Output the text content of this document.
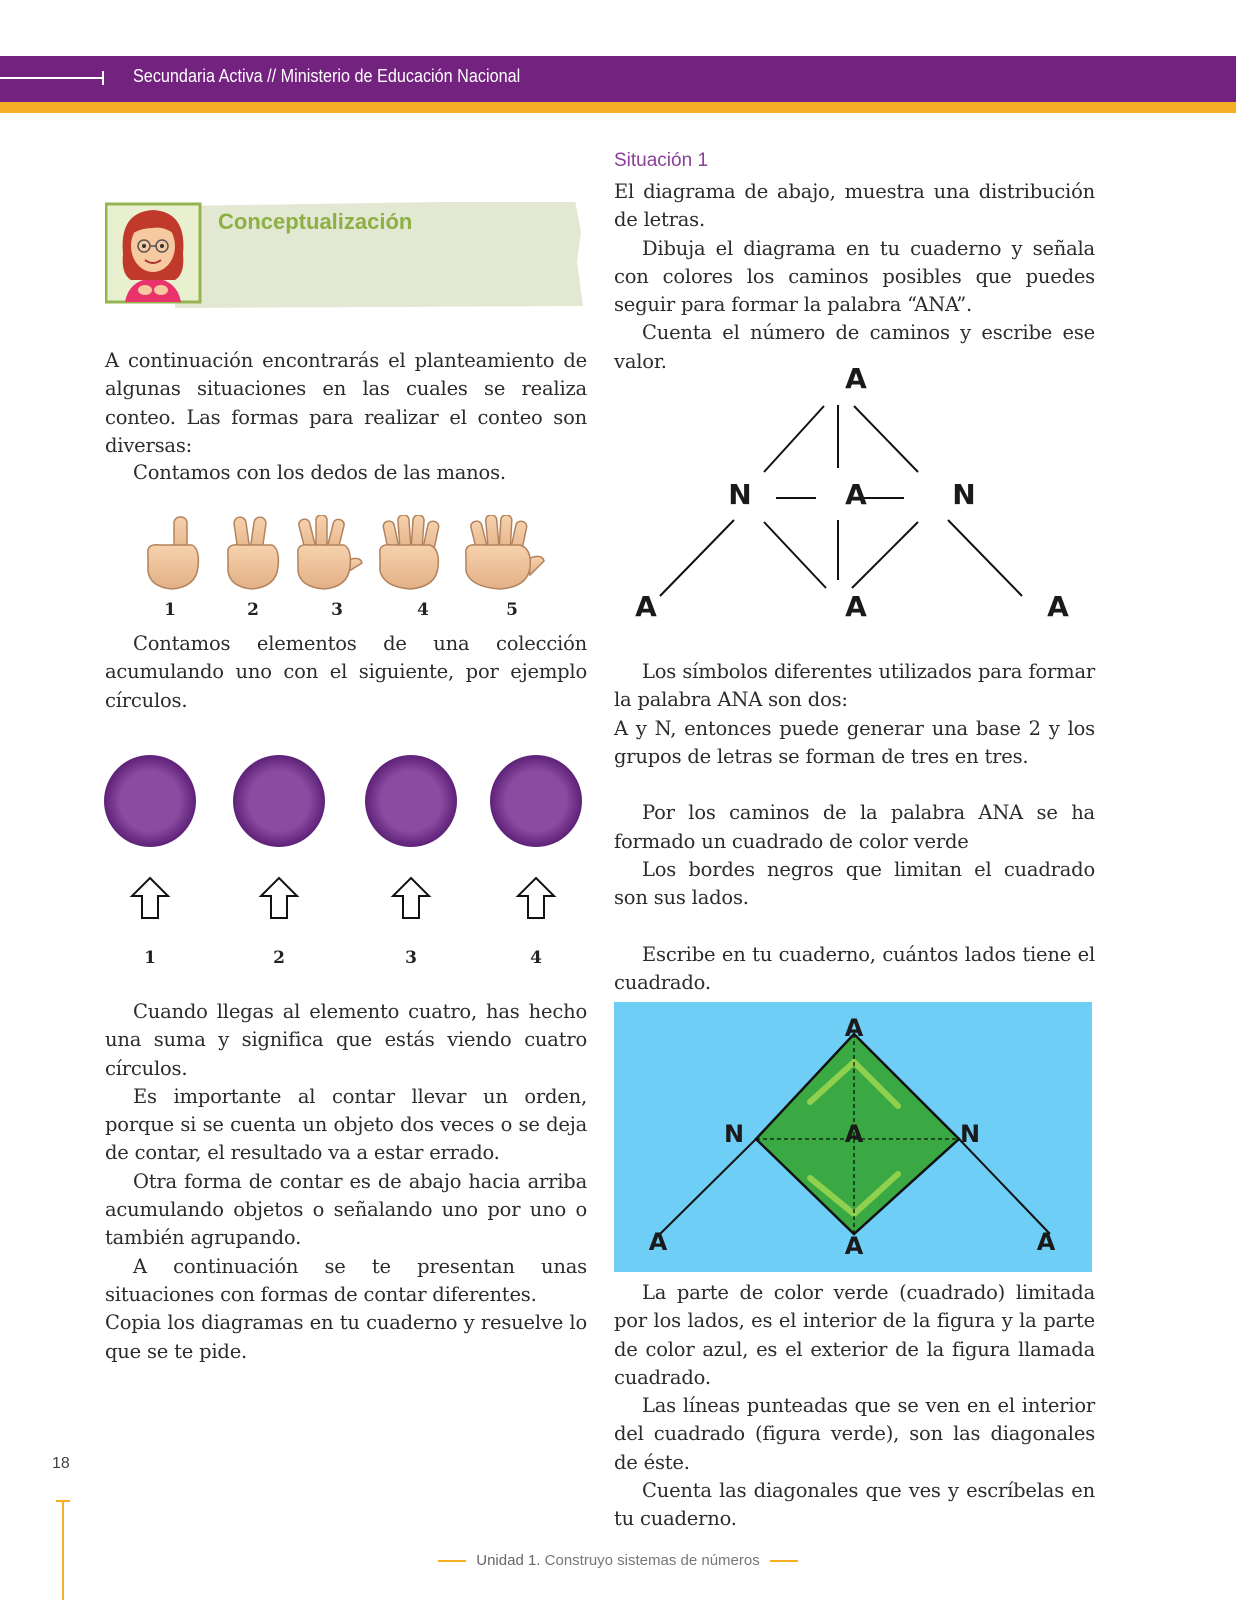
Secundaria Activa // Ministerio de Educación Nacional
Conceptualización

A continuación encontrarás el planteamiento de algunas situaciones en las cuales se realiza conteo. Las formas para realizar el conteo son diversas:

Contamos con los dedos de las manos.

1	2	3	4	5

Contamos elementos de una colección acumulando uno con el siguiente, por ejemplo círculos.

1	2	3	4

Cuando llegas al elemento cuatro, has hecho una suma y significa que estás viendo cuatro círculos.

Es importante al contar llevar un orden, porque si se cuenta un objeto dos veces o se deja de contar, el resultado va a estar errado.

Otra forma de contar es de abajo hacia arriba acumulando objetos o señalando uno por uno o también agrupando.

A continuación se te presentan unas situaciones con formas de contar diferentes.

Copia los diagramas en tu cuaderno y resuelve lo que se te pide.

Situación 1

El diagrama de abajo, muestra una distribución de letras.

Dibuja el diagrama en tu cuaderno y señala con colores los caminos posibles que puedes seguir para formar la palabra “ANA”.

Cuenta el número de caminos y escribe ese valor.

A
N	A	N
A	A	A

Los símbolos diferentes utilizados para formar la palabra ANA son dos:

A y N, entonces puede generar una base 2 y los grupos de letras se forman de tres en tres.

Por los caminos de la palabra ANA se ha formado un cuadrado de color verde

Los bordes negros que limitan el cuadrado son sus lados.

Escribe en tu cuaderno, cuántos lados tiene el cuadrado.

A
N	A	N
A	A	A

La parte de color verde (cuadrado) limitada por los lados, es el interior de la figura y la parte de color azul, es el exterior de la figura llamada cuadrado.

Las líneas punteadas que se ven en el interior del cuadrado (figura verde), son las diagonales de éste.

Cuenta las diagonales que ves y escríbelas en tu cuaderno.

18
Unidad 1. Construyo sistemas de números
